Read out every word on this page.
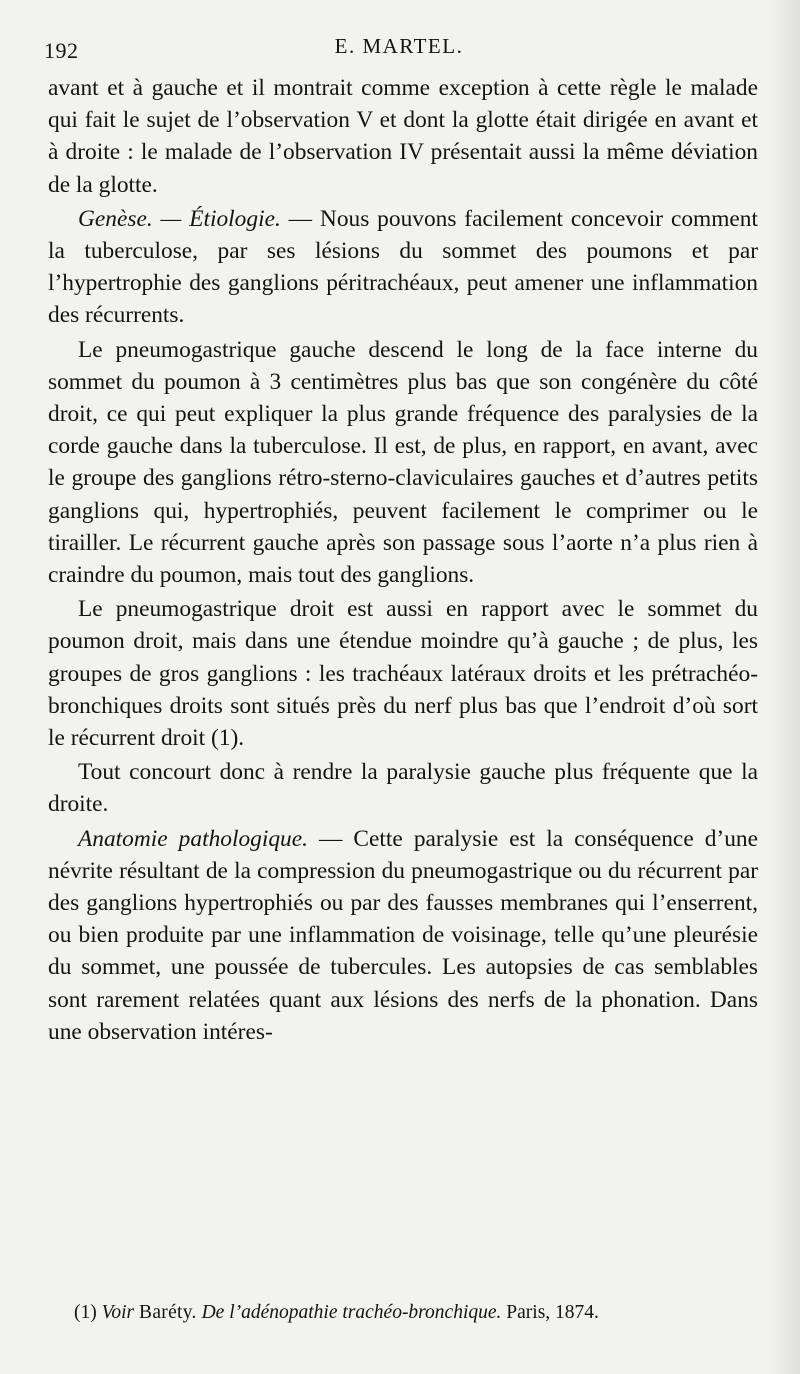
192	E. MARTEL.

avant et à gauche et il montrait comme exception à cette règle le malade qui fait le sujet de l’observation V et dont la glotte était dirigée en avant et à droite : le malade de l’observation IV présentait aussi la même déviation de la glotte.

Genèse. — Étiologie. — Nous pouvons facilement concevoir comment la tuberculose, par ses lésions du sommet des poumons et par l’hypertrophie des ganglions péritrachéaux, peut amener une inflammation des récurrents.

Le pneumogastrique gauche descend le long de la face interne du sommet du poumon à 3 centimètres plus bas que son congénère du côté droit, ce qui peut expliquer la plus grande fréquence des paralysies de la corde gauche dans la tuberculose. Il est, de plus, en rapport, en avant, avec le groupe des ganglions rétro-sterno-claviculaires gauches et d’autres petits ganglions qui, hypertrophiés, peuvent facilement le comprimer ou le tirailler. Le récurrent gauche après son passage sous l’aorte n’a plus rien à craindre du poumon, mais tout des ganglions.

Le pneumogastrique droit est aussi en rapport avec le sommet du poumon droit, mais dans une étendue moindre qu’à gauche ; de plus, les groupes de gros ganglions : les trachéaux latéraux droits et les prétrachéo-bronchiques droits sont situés près du nerf plus bas que l’endroit d’où sort le récurrent droit (1).

Tout concourt donc à rendre la paralysie gauche plus fréquente que la droite.

Anatomie pathologique. — Cette paralysie est la conséquence d’une névrite résultant de la compression du pneumogastrique ou du récurrent par des ganglions hypertrophiés ou par des fausses membranes qui l’enserrent, ou bien produite par une inflammation de voisinage, telle qu’une pleurésie du sommet, une poussée de tubercules. Les autopsies de cas semblables sont rarement relatées quant aux lésions des nerfs de la phonation. Dans une observation intéres-

(1) Voir Baréty. De l’adénopathie trachéo-bronchique. Paris, 1874.
